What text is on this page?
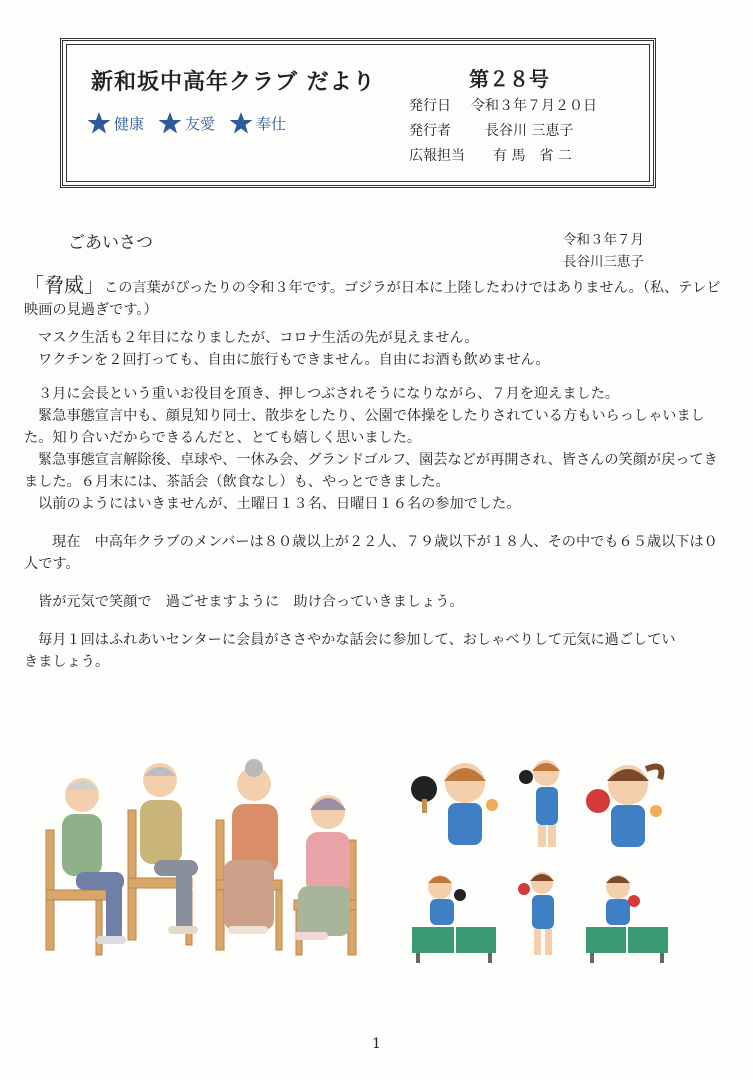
新和坂中高年クラブ だより	第２８号
健康	友愛	奉仕
発行日	令和３年７月２０日
発行者	長谷川 三恵子
広報担当	有 馬　省 二
ごあいさつ	令和３年７月
長谷川三恵子

「脅威」この言葉がぴったりの令和３年です。ゴジラが日本に上陸したわけではありません。（私、テレビ映画の見過ぎです。）

マスク生活も２年目になりましたが、コロナ生活の先が見えません。

ワクチンを２回打っても、自由に旅行もできません。自由にお酒も飲めません。

３月に会長という重いお役目を頂き、押しつぶされそうになりながら、７月を迎えました。

緊急事態宣言中も、顔見知り同士、散歩をしたり、公園で体操をしたりされている方もいらっしゃいました。知り合いだからできるんだと、とても嬉しく思いました。

緊急事態宣言解除後、卓球や、一休み会、グランドゴルフ、園芸などが再開され、皆さんの笑顔が戻ってきました。６月末には、茶話会（飲食なし）も、やっとできました。

以前のようにはいきませんが、土曜日１３名、日曜日１６名の参加でした。

現在　中高年クラブのメンバーは８０歳以上が２２人、７９歳以下が１８人、その中でも６５歳以下は０人です。

皆が元気で笑顔で　過ごせますように　助け合っていきましょう。

毎月１回はふれあいセンターに会員がささやかな話会に参加して、おしゃべりして元気に過ごしていきましょう。

1
